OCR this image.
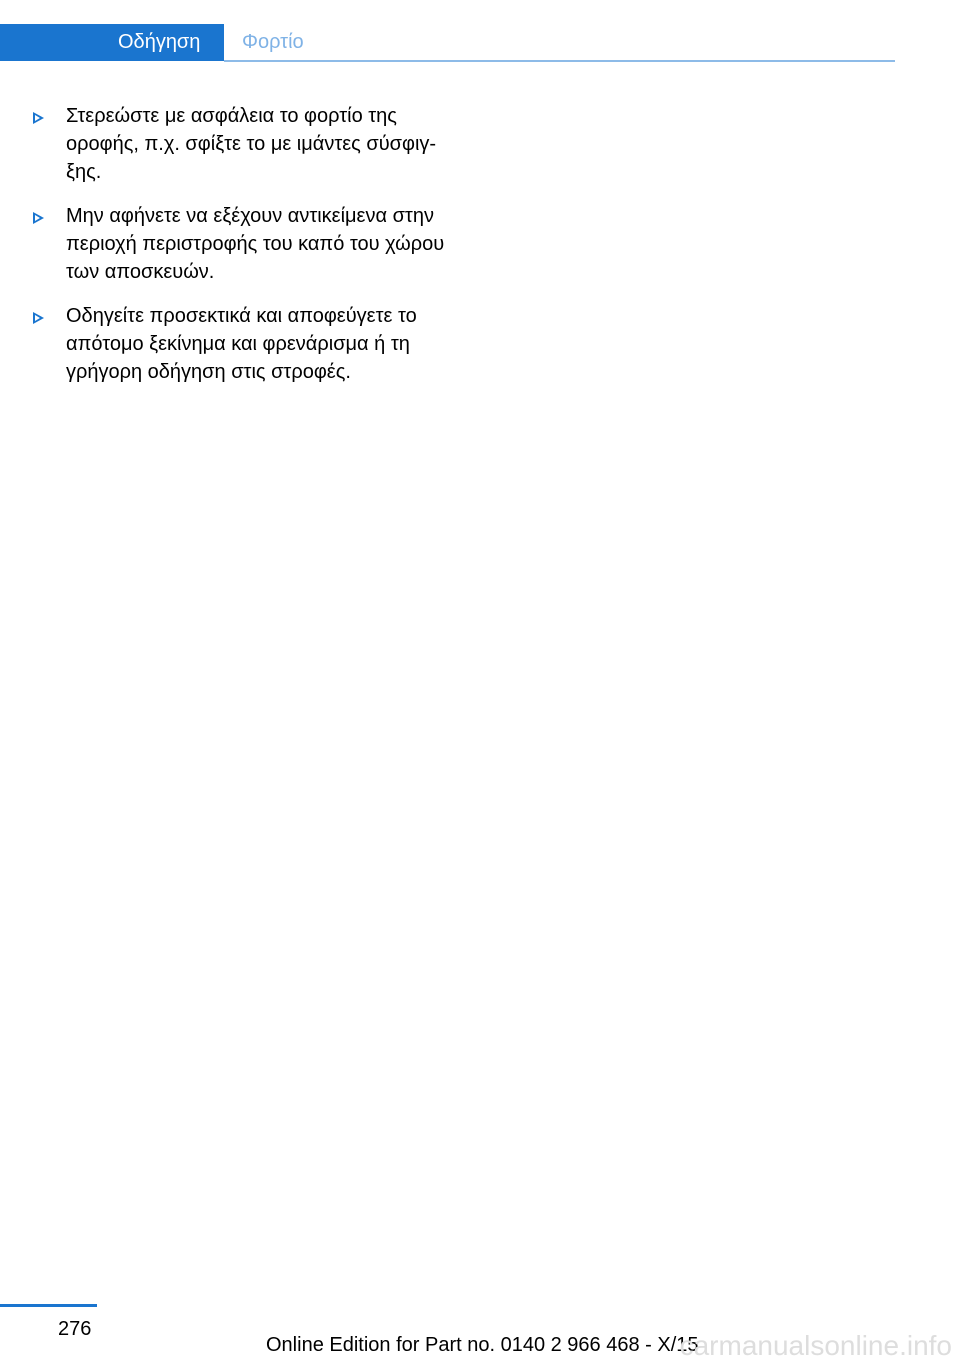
Οδήγηση	Φορτίο
Στερεώστε με ασφάλεια το φορτίο της οροφής, π.χ. σφίξτε το με ιμάντες σύσφιγξης.
Μην αφήνετε να εξέχουν αντικείμενα στην περιοχή περιστροφής του καπό του χώρου των αποσκευών.
Οδηγείτε προσεκτικά και αποφεύγετε το απότομο ξεκίνημα και φρενάρισμα ή τη γρήγορη οδήγηση στις στροφές.
276
Online Edition for Part no. 0140 2 966 468 - X/15
carmanualsonline.info
